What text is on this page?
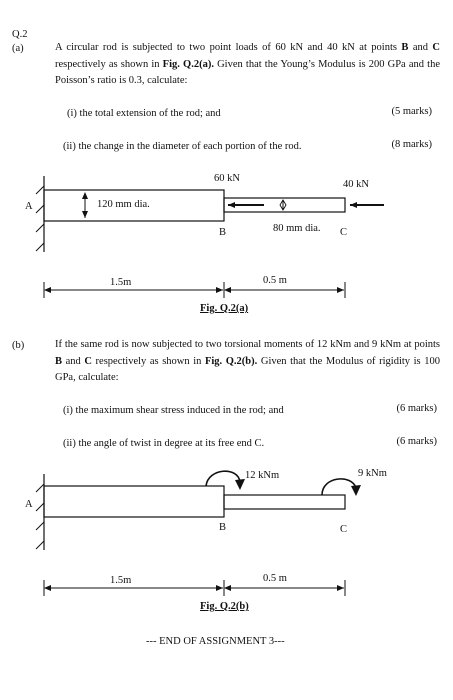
Q.2
(a)	A circular rod is subjected to two point loads of 60 kN and 40 kN at points B and C respectively as shown in Fig. Q.2(a). Given that the Young’s Modulus is 200 GPa and the Poisson’s ratio is 0.3, calculate:
(i) the total extension of the rod; and	(5 marks)
(ii) the change in the diameter of each portion of the rod.	(8 marks)
60 kN
40 kN
A	120 mm dia.
80 mm dia.
B	C
1.5m	0.5 m
Fig. Q.2(a)
(b)	If the same rod is now subjected to two torsional moments of 12 kNm and 9 kNm at points B and C respectively as shown in Fig. Q.2(b). Given that the Modulus of rigidity is 100 GPa, calculate:
(i) the maximum shear stress induced in the rod; and	(6 marks)
(ii) the angle of twist in degree at its free end C.	(6 marks)
12 kNm	9 kNm
A
B	C
1.5m	0.5 m
Fig. Q.2(b)
--- END OF ASSIGNMENT 3---
